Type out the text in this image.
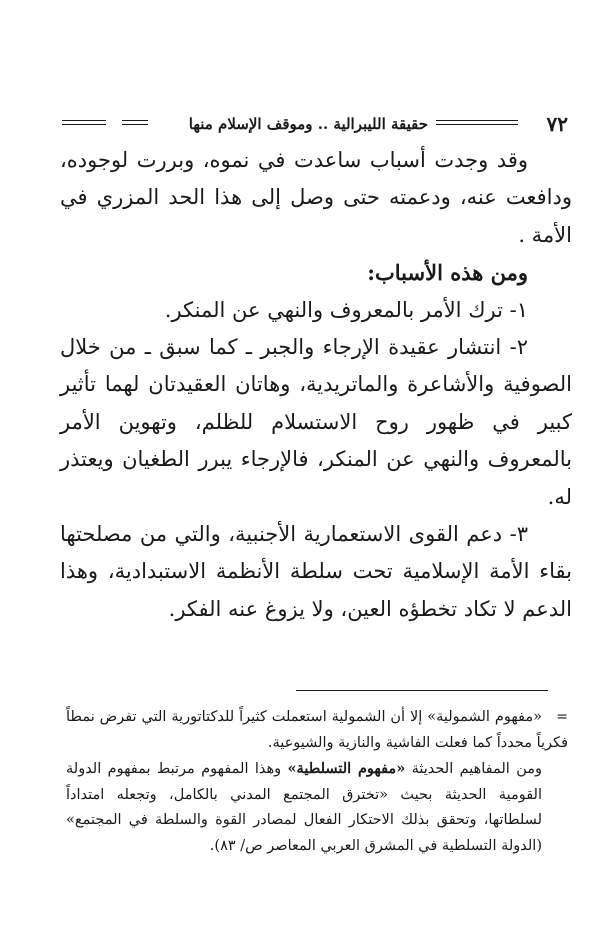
٧٢
حقيقة الليبرالية .. وموقف الإسلام منها

وقد وجدت أسباب ساعدت في نموه، وبررت لوجوده، ودافعت عنه، ودعمته حتى وصل إلى هذا الحد المزري في الأمة .

ومن هذه الأسباب:

١- ترك الأمر بالمعروف والنهي عن المنكر.

٢- انتشار عقيدة الإرجاء والجبر ـ كما سبق ـ من خلال الصوفية والأشاعرة والماتريدية، وهاتان العقيدتان لهما تأثير كبير في ظهور روح الاستسلام للظلم، وتهوين الأمر بالمعروف والنهي عن المنكر، فالإرجاء يبرر الطغيان ويعتذر له.

٣- دعم القوى الاستعمارية الأجنبية، والتي من مصلحتها بقاء الأمة الإسلامية تحت سلطة الأنظمة الاستبدادية، وهذا الدعم لا تكاد تخطؤه العين، ولا يزوغ عنه الفكر.

=«مفهوم الشمولية» إلا أن الشمولية استعملت كثيراً للدكتاتورية التي تفرض نمطاً فكرياً محدداً كما فعلت الفاشية والنازية والشيوعية.

ومن المفاهيم الحديثة «مفهوم التسلطية» وهذا المفهوم مرتبط بمفهوم الدولة القومية الحديثة بحيث «تخترق المجتمع المدني بالكامل، وتجعله امتداداً لسلطاتها، وتحقق بذلك الاحتكار الفعال لمصادر القوة والسلطة في المجتمع» (الدولة التسلطية في المشرق العربي المعاصر ص/ ٨٣).
